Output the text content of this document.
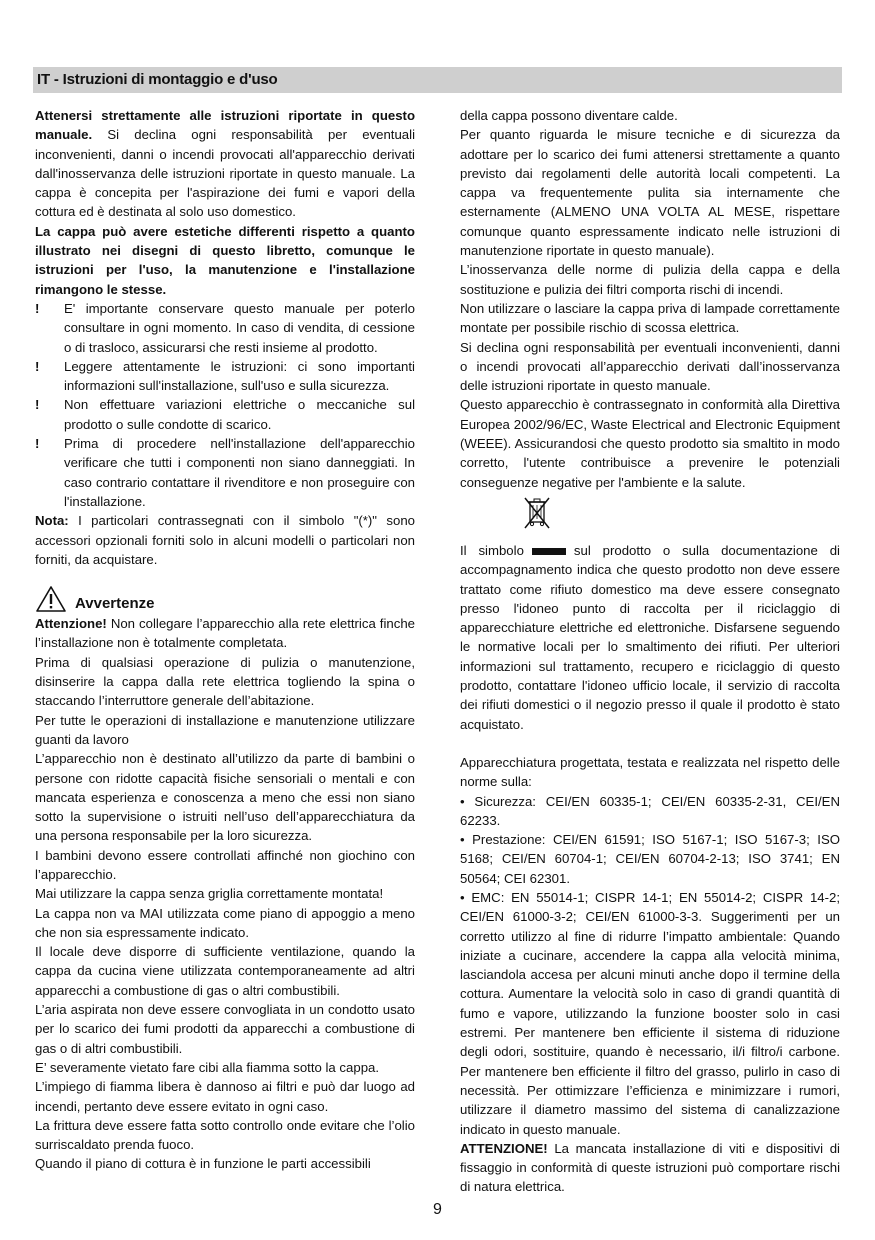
IT - Istruzioni di montaggio e d'uso

Attenersi strettamente alle istruzioni riportate in questo manuale. Si declina ogni responsabilità per eventuali inconvenienti, danni o incendi provocati all'apparecchio derivati dall'inosservanza delle istruzioni riportate in questo manuale. La cappa è concepita per l'aspirazione dei fumi e vapori della cottura ed è destinata al solo uso domestico.

La cappa può avere estetiche differenti rispetto a quanto illustrato nei disegni di questo libretto, comunque le istruzioni per l'uso, la manutenzione e l'installazione rimangono le stesse.

!	E' importante conservare questo manuale per poterlo consultare in ogni momento. In caso di vendita, di cessione o di trasloco, assicurarsi che resti insieme al prodotto.
!	Leggere attentamente le istruzioni: ci sono importanti informazioni sull'installazione, sull'uso e sulla sicurezza.
!	Non effettuare variazioni elettriche o meccaniche sul prodotto o sulle condotte di scarico.
!	Prima di procedere nell'installazione dell'apparecchio verificare che tutti i componenti non siano danneggiati. In caso contrario contattare il rivenditore e non proseguire con l'installazione.

Nota: I particolari contrassegnati con il simbolo "(*)" sono accessori opzionali forniti solo in alcuni modelli o particolari non forniti, da acquistare.

Avvertenze

Attenzione! Non collegare l’apparecchio alla rete elettrica finche l’installazione non è totalmente completata.

Prima di qualsiasi operazione di pulizia o manutenzione, disinserire la cappa dalla rete elettrica togliendo la spina o staccando l’interruttore generale dell’abitazione.

Per tutte le operazioni di installazione e manutenzione utilizzare guanti da lavoro

L’apparecchio non è destinato all’utilizzo da parte di bambini o persone con ridotte capacità fisiche sensoriali o mentali e con mancata esperienza e conoscenza a meno che essi non siano sotto la supervisione o istruiti nell’uso dell’apparecchiatura da una persona responsabile per la loro sicurezza.

I bambini devono essere controllati affinché non giochino con l’apparecchio.

Mai utilizzare la cappa senza griglia correttamente montata!

La cappa non va MAI utilizzata come piano di appoggio a meno che non sia espressamente indicato.

Il locale deve disporre di sufficiente ventilazione, quando la cappa da cucina viene utilizzata contemporaneamente ad altri apparecchi a combustione di gas o altri combustibili.

L’aria aspirata non deve essere convogliata in un condotto usato per lo scarico dei fumi prodotti da apparecchi a combustione di gas o di altri combustibili.

E’ severamente vietato fare cibi alla fiamma sotto la cappa.

L’impiego di fiamma libera è dannoso ai filtri e può dar luogo ad incendi, pertanto deve essere evitato in ogni caso.

La frittura deve essere fatta sotto controllo onde evitare che l’olio surriscaldato prenda fuoco.

Quando il piano di cottura è in funzione le parti accessibili

della cappa possono diventare calde.

Per quanto riguarda le misure tecniche e di sicurezza da adottare per lo scarico dei fumi attenersi strettamente a quanto previsto dai regolamenti delle autorità locali competenti. La cappa va frequentemente pulita sia internamente che esternamente (ALMENO UNA VOLTA AL MESE, rispettare comunque quanto espressamente indicato nelle istruzioni di manutenzione riportate in questo manuale).

L’inosservanza delle norme di pulizia della cappa e della sostituzione e pulizia dei filtri comporta rischi di incendi.

Non utilizzare o lasciare la cappa priva di lampade correttamente montate per possibile rischio di scossa elettrica.

Si declina ogni responsabilità per eventuali inconvenienti, danni o incendi provocati all’apparecchio derivati dall’inosservanza delle istruzioni riportate in questo manuale.

Questo apparecchio è contrassegnato in conformità alla Direttiva Europea 2002/96/EC, Waste Electrical and Electronic Equipment (WEEE). Assicurandosi che questo prodotto sia smaltito in modo corretto, l'utente contribuisce a prevenire le potenziali conseguenze negative per l'ambiente e la salute.

Il simbolo	sul prodotto o sulla documentazione di accompagnamento indica che questo prodotto non deve essere trattato come rifiuto domestico ma deve essere consegnato presso l'idoneo punto di raccolta per il riciclaggio di apparecchiature elettriche ed elettroniche. Disfarsene seguendo le normative locali per lo smaltimento dei rifiuti. Per ulteriori informazioni sul trattamento, recupero e riciclaggio di questo prodotto, contattare l'idoneo ufficio locale, il servizio di raccolta dei rifiuti domestici o il negozio presso il quale il prodotto è stato acquistato.

Apparecchiatura progettata, testata e realizzata nel rispetto delle norme sulla:

• Sicurezza: CEI/EN 60335-1; CEI/EN 60335-2-31, CEI/EN 62233.

• Prestazione: CEI/EN 61591; ISO 5167-1; ISO 5167-3; ISO 5168; CEI/EN 60704-1; CEI/EN 60704-2-13; ISO 3741; EN 50564; CEI 62301.

• EMC: EN 55014-1; CISPR 14-1; EN 55014-2; CISPR 14-2; CEI/EN 61000-3-2; CEI/EN 61000-3-3. Suggerimenti per un corretto utilizzo al fine di ridurre l’impatto ambientale: Quando iniziate a cucinare, accendere la cappa alla velocità minima, lasciandola accesa per alcuni minuti anche dopo il termine della cottura. Aumentare la velocità solo in caso di grandi quantità di fumo e vapore, utilizzando la funzione booster solo in casi estremi. Per mantenere ben efficiente il sistema di riduzione degli odori, sostituire, quando è necessario, il/i filtro/i carbone. Per mantenere ben efficiente il filtro del grasso, pulirlo in caso di necessità. Per ottimizzare l’efficienza e minimizzare i rumori, utilizzare il diametro massimo del sistema di canalizzazione indicato in questo manuale.

ATTENZIONE! La mancata installazione di viti e dispositivi di fissaggio in conformità di queste istruzioni può comportare rischi di natura elettrica.

9
